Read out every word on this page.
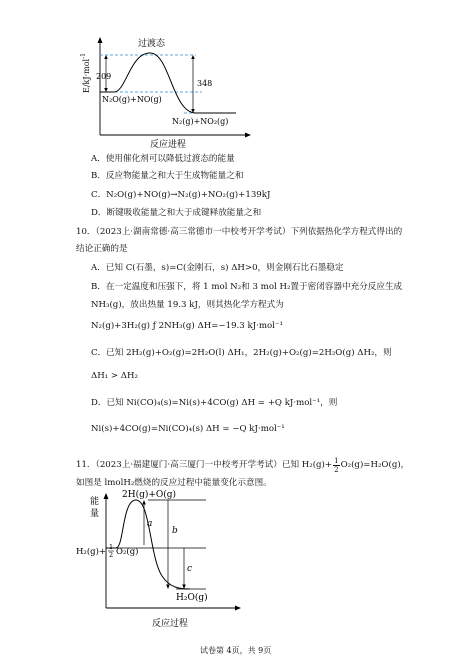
过渡态
209
348
N₂O(g)+NO(g)
N₂(g)+NO₂(g)
反应进程
E/kJ·mol$^{-1}$
A．使用催化剂可以降低过渡态的能量
B．反应物能量之和大于生成物能量之和
C．N₂O(g)+NO(g)→N₂(g)+NO₂(g)+139kJ
D．断键吸收能量之和大于成键释放能量之和
10．（2023上·湖南常德·高三常德市一中校考开学考试）下列依据热化学方程式得出的
结论正确的是
A．已知 C(石墨，s)=C(金刚石，s) ΔH>0，则金刚石比石墨稳定
B．在一定温度和压强下，将 1 mol N₂和 3 mol H₂置于密闭容器中充分反应生成
NH₃(g)，放出热量 19.3 kJ，则其热化学方程式为
N₂(g)+3H₂(g) ƒ 2NH₃(g) ΔH=−19.3 kJ·mol⁻¹
C．已知 2H₂(g)+O₂(g)=2H₂O(l) ΔH₁，2H₂(g)+O₂(g)=2H₂O(g) ΔH₂，则
ΔH₁ > ΔH₂
D．已知 Ni(CO)₄(s)=Ni(s)+4CO(g) ΔH = +Q kJ·mol⁻¹，则
Ni(s)+4CO(g)=Ni(CO)₄(s) ΔH = −Q kJ·mol⁻¹
11．（2023上·福建厦门·高三厦门一中校考开学考试）已知 $H_2(g)+ \frac{1}{2} O_2(g)=H_2O(g)$，
如图是 lmolH₂燃烧的反应过程中能量变化示意图。
能
量
2H(g)+O(g)
a
b
c
H₂O(g)
反应过程
H₂(g)+ 1
2 O₂(g)
试卷第 4页，共 9页
